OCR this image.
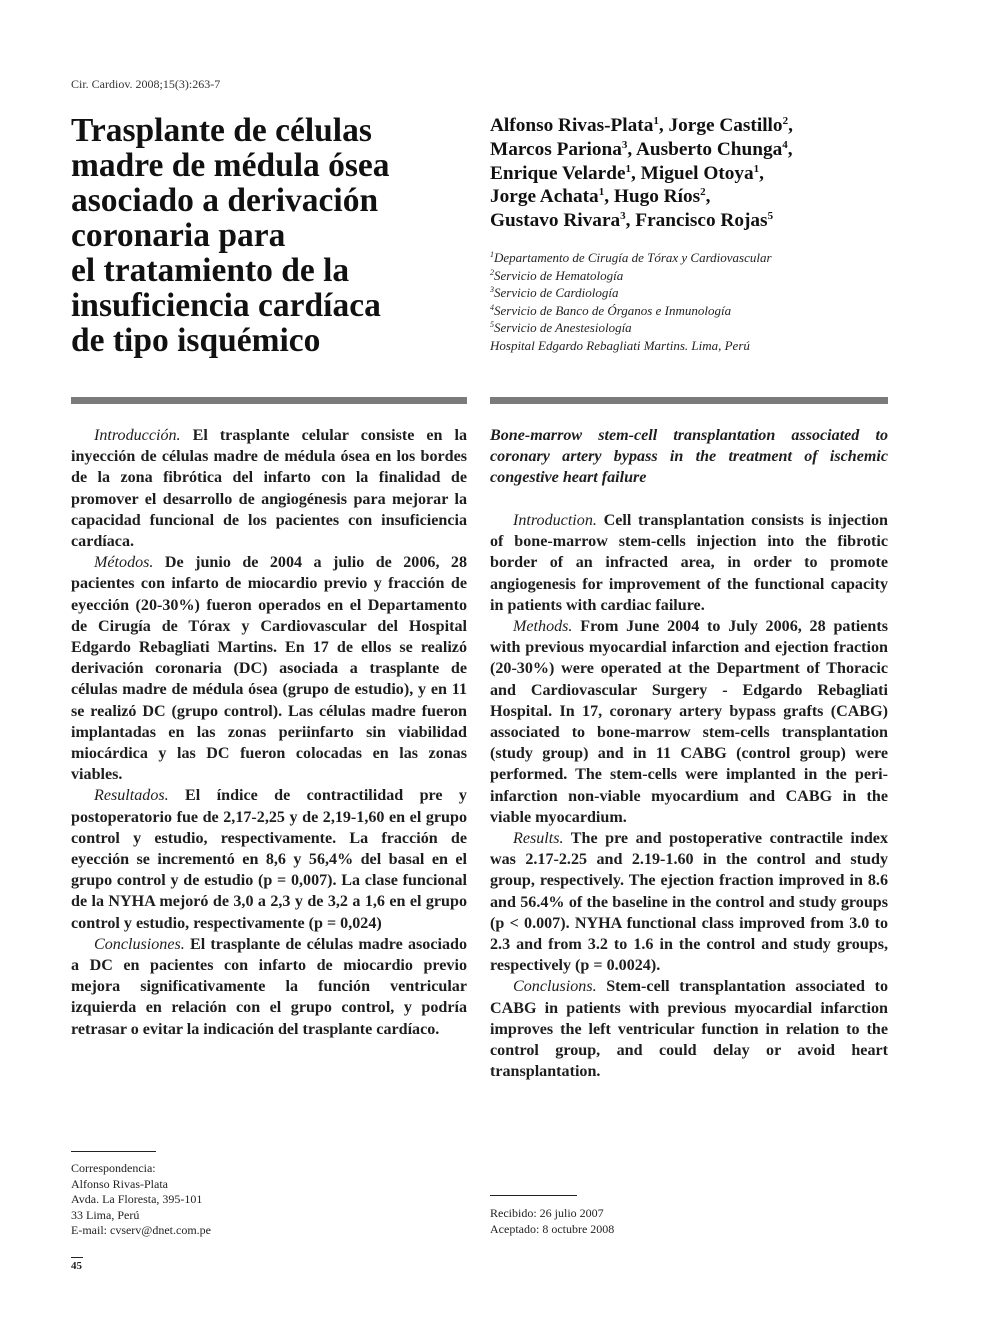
Cir. Cardiov. 2008;15(3):263-7
Trasplante de células
madre de médula ósea
asociado a derivación
coronaria para
el tratamiento de la
insuficiencia cardíaca
de tipo isquémico
Alfonso Rivas-Plata$^1$, Jorge Castillo$^2$,
Marcos Pariona$^3$, Ausberto Chunga$^4$,
Enrique Velarde$^1$, Miguel Otoya$^1$,
Jorge Achata$^1$, Hugo Ríos$^2$,
Gustavo Rivara$^3$, Francisco Rojas$^5$
$^1$Departamento de Cirugía de Tórax y Cardiovascular
$^2$Servicio de Hematología
$^3$Servicio de Cardiología
$^4$Servicio de Banco de Órganos e Inmunología
$^5$Servicio de Anestesiología
Hospital Edgardo Rebagliati Martins. Lima, Perú

Introducción. El trasplante celular consiste en la inyección de células madre de médula ósea en los bordes de la zona fibrótica del infarto con la finalidad de promover el desarrollo de angiogénesis para mejorar la capacidad funcional de los pacientes con insuficiencia cardíaca.

Métodos. De junio de 2004 a julio de 2006, 28 pacientes con infarto de miocardio previo y fracción de eyección (20-30%) fueron operados en el Departamento de Cirugía de Tórax y Cardiovascular del Hospital Edgardo Rebagliati Martins. En 17 de ellos se realizó derivación coronaria (DC) asociada a trasplante de células madre de médula ósea (grupo de estudio), y en 11 se realizó DC (grupo control). Las células madre fueron implantadas en las zonas periinfarto sin viabilidad miocárdica y las DC fueron colocadas en las zonas viables.

Resultados. El índice de contractilidad pre y postoperatorio fue de 2,17-2,25 y de 2,19-1,60 en el grupo control y estudio, respectivamente. La fracción de eyección se incrementó en 8,6 y 56,4% del basal en el grupo control y de estudio (p = 0,007). La clase funcional de la NYHA mejoró de 3,0 a 2,3 y de 3,2 a 1,6 en el grupo control y estudio, respectivamente (p = 0,024)

Conclusiones. El trasplante de células madre asociado a DC en pacientes con infarto de miocardio previo mejora significativamente la función ventricular izquierda en relación con el grupo control, y podría retrasar o evitar la indicación del trasplante cardíaco.

Bone-marrow stem-cell transplantation associated to coronary artery bypass in the treatment of ischemic congestive heart failure

Introduction. Cell transplantation consists is injection of bone-marrow stem-cells injection into the fibrotic border of an infracted area, in order to promote angiogenesis for improvement of the functional capacity in patients with cardiac failure.

Methods. From June 2004 to July 2006, 28 patients with previous myocardial infarction and ejection fraction (20-30%) were operated at the Department of Thoracic and Cardiovascular Surgery - Edgardo Rebagliati Hospital. In 17, coronary artery bypass grafts (CABG) associated to bone-marrow stem-cells transplantation (study group) and in 11 CABG (control group) were performed. The stem-cells were implanted in the peri-infarction non-viable myocardium and CABG in the viable myocardium.

Results. The pre and postoperative contractile index was 2.17-2.25 and 2.19-1.60 in the control and study group, respectively. The ejection fraction improved in 8.6 and 56.4% of the baseline in the control and study groups (p < 0.007). NYHA functional class improved from 3.0 to 2.3 and from 3.2 to 1.6 in the control and study groups, respectively (p = 0.0024).

Conclusions. Stem-cell transplantation associated to CABG in patients with previous myocardial infarction improves the left ventricular function in relation to the control group, and could delay or avoid heart transplantation.

Correspondencia:
Alfonso Rivas-Plata
Avda. La Floresta, 395-101
33 Lima, Perú
E-mail: cvserv@dnet.com.pe
Recibido: 26 julio 2007
Aceptado: 8 octubre 2008
45
